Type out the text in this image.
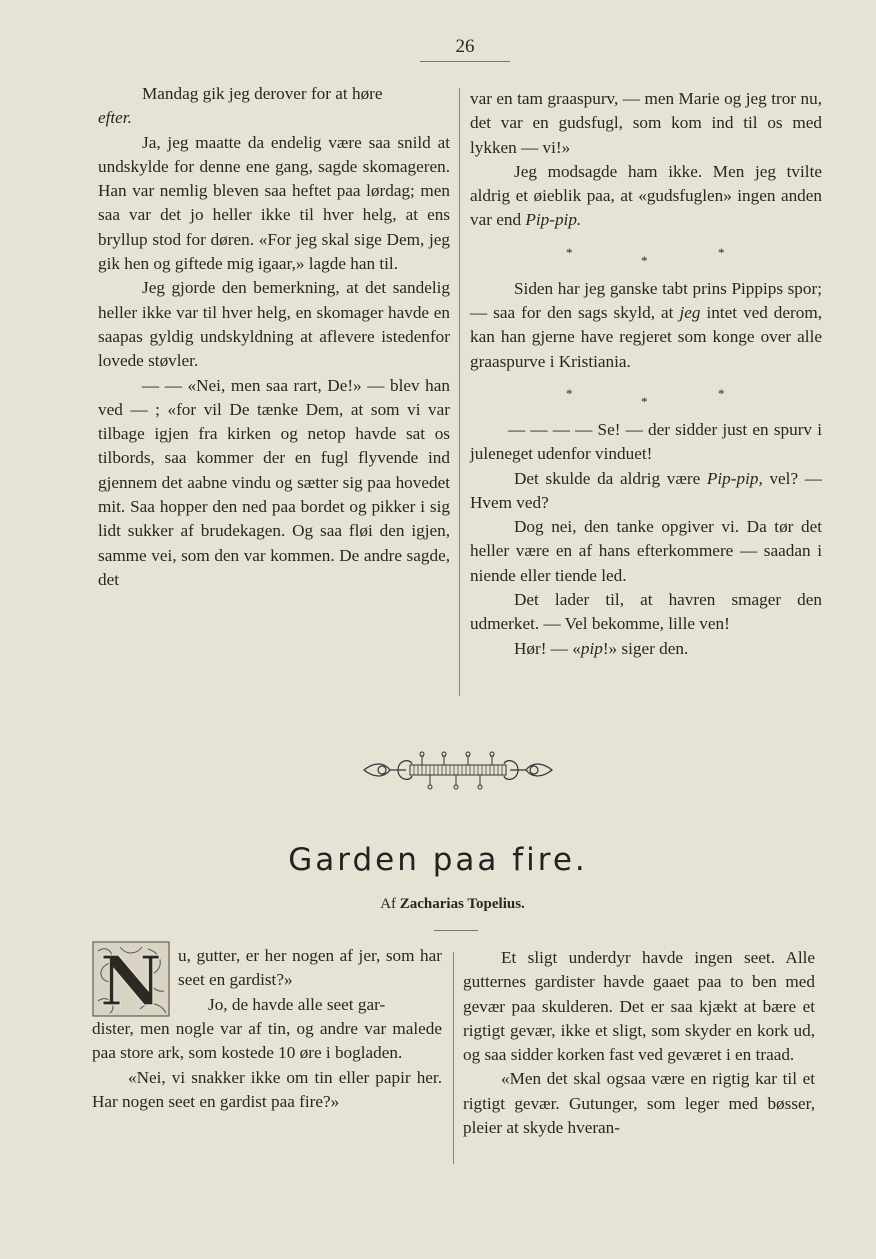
26

Mandag gik jeg derover for at høre

efter.

Ja, jeg maatte da endelig være saa snild at undskylde for denne ene gang, sagde skomageren. Han var nemlig bleven saa heftet paa lørdag; men saa var det jo heller ikke til hver helg, at ens bryllup stod for døren. «For jeg skal sige Dem, jeg gik hen og giftede mig igaar,» lagde han til.

Jeg gjorde den bemerkning, at det sandelig heller ikke var til hver helg, en skomager havde en saapas gyldig undskyldning at aflevere istedenfor lovede støvler.

— — «Nei, men saa rart, De!» — blev han ved — ; «for vil De tænke Dem, at som vi var tilbage igjen fra kirken og netop havde sat os tilbords, saa kommer der en fugl flyvende ind gjennem det aabne vindu og sætter sig paa hovedet mit. Saa hopper den ned paa bordet og pikker i sig lidt sukker af brudekagen. Og saa fløi den igjen, samme vei, som den var kommen. De andre sagde, det

var en tam graaspurv, — men Marie og jeg tror nu, det var en gudsfugl, som kom ind til os med lykken — vi!»

Jeg modsagde ham ikke. Men jeg tvilte aldrig et øieblik paa, at «gudsfuglen» ingen anden var end Pip-pip.

*
*
*

Siden har jeg ganske tabt prins Pippips spor; — saa for den sags skyld, at jeg intet ved derom, kan han gjerne have regjeret som konge over alle graaspurve i Kristiania.

*
*
*

— — — — Se! — der sidder just en spurv i juleneget udenfor vinduet!

Det skulde da aldrig være Pip-pip, vel? — Hvem ved?

Dog nei, den tanke opgiver vi. Da tør det heller være en af hans efterkommere — saadan i niende eller tiende led.

Det lader til, at havren smager den udmerket. — Vel bekomme, lille ven!

Hør! — «pip!» siger den.

Garden paa fire.
Af Zacharias Topelius.
N u, gutter, er her nogen af jer, som har seet en gardist?»

Jo, de havde alle seet gar-

dister, men nogle var af tin, og andre var malede paa store ark, som kostede 10 øre i bogladen.

«Nei, vi snakker ikke om tin eller papir her. Har nogen seet en gardist paa fire?»

Et sligt underdyr havde ingen seet. Alle gutternes gardister havde gaaet paa to ben med gevær paa skulderen. Det er saa kjækt at bære et rigtigt gevær, ikke et sligt, som skyder en kork ud, og saa sidder korken fast ved geværet i en traad.

«Men det skal ogsaa være en rigtig kar til et rigtigt gevær. Gutunger, som leger med bøsser, pleier at skyde hveran-
